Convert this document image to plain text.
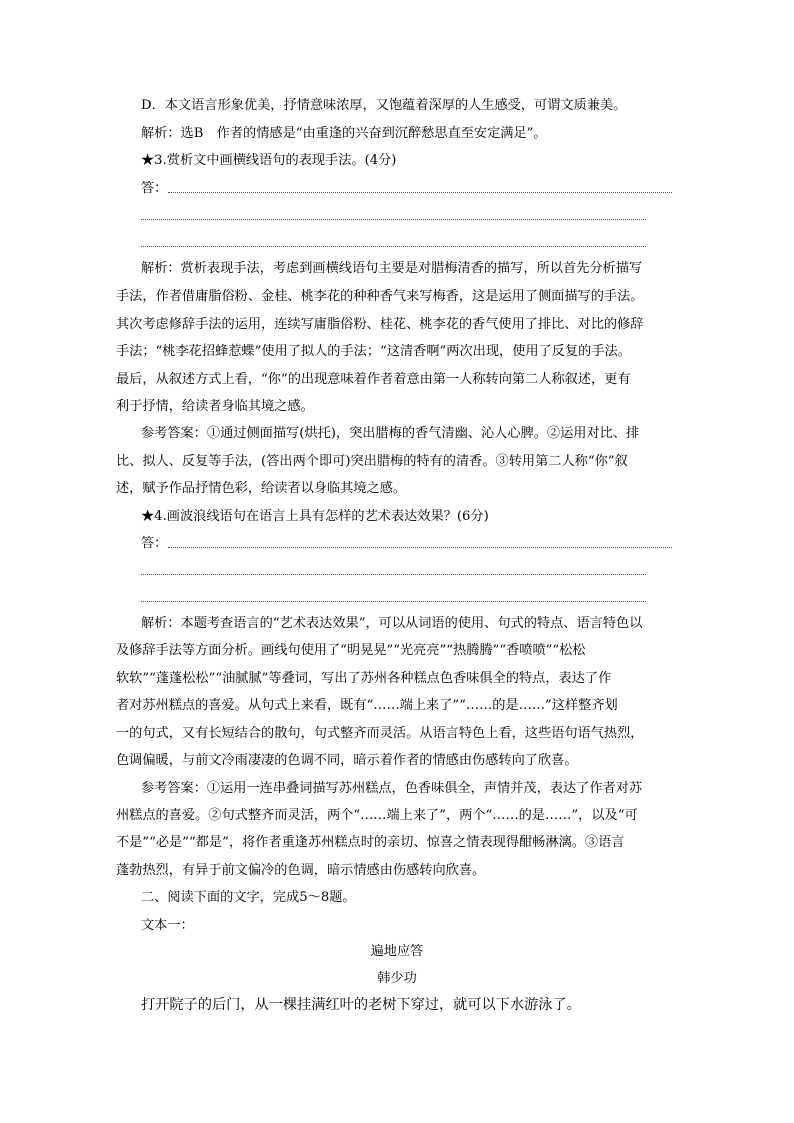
D．本文语言形象优美，抒情意味浓厚，又饱蕴着深厚的人生感受，可谓文质兼美。

解析：选B　作者的情感是“由重逢的兴奋到沉醉愁思直至安定满足”。

★3.赏析文中画横线语句的表现手法。(4分)

答：

解析：赏析表现手法，考虑到画横线语句主要是对腊梅清香的描写，所以首先分析描写

手法，作者借庸脂俗粉、金桂、桃李花的种种香气来写梅香，这是运用了侧面描写的手法。

其次考虑修辞手法的运用，连续写庸脂俗粉、桂花、桃李花的香气使用了排比、对比的修辞

手法；“桃李花招蜂惹蝶”使用了拟人的手法；“这清香啊”两次出现，使用了反复的手法。

最后，从叙述方式上看，“你”的出现意味着作者着意由第一人称转向第二人称叙述，更有

利于抒情，给读者身临其境之感。

参考答案：①通过侧面描写(烘托)，突出腊梅的香气清幽、沁人心脾。②运用对比、排

比、拟人、反复等手法，(答出两个即可)突出腊梅的特有的清香。③转用第二人称“你”叙

述，赋予作品抒情色彩，给读者以身临其境之感。

★4.画波浪线语句在语言上具有怎样的艺术表达效果？(6分)

答：

解析：本题考查语言的“艺术表达效果”，可以从词语的使用、句式的特点、语言特色以

及修辞手法等方面分析。画线句使用了“明晃晃”“光亮亮”“热腾腾”“香喷喷”“松松

软软”“蓬蓬松松”“油腻腻”等叠词，写出了苏州各种糕点色香味俱全的特点，表达了作

者对苏州糕点的喜爱。从句式上来看，既有“……端上来了”“……的是……”这样整齐划

一的句式，又有长短结合的散句，句式整齐而灵活。从语言特色上看，这些语句语气热烈，

色调偏暖，与前文冷雨凄凄的色调不同，暗示着作者的情感由伤感转向了欣喜。

参考答案：①运用一连串叠词描写苏州糕点，色香味俱全，声情并茂，表达了作者对苏

州糕点的喜爱。②句式整齐而灵活，两个“……端上来了”，两个“……的是……”，以及“可

不是”“必是”“都是”，将作者重逢苏州糕点时的亲切、惊喜之情表现得酣畅淋漓。③语言

蓬勃热烈，有异于前文偏冷的色调，暗示情感由伤感转向欣喜。

二、阅读下面的文字，完成5～8题。

文本一：

遍地应答

韩少功

打开院子的后门，从一棵挂满红叶的老树下穿过，就可以下水游泳了。
